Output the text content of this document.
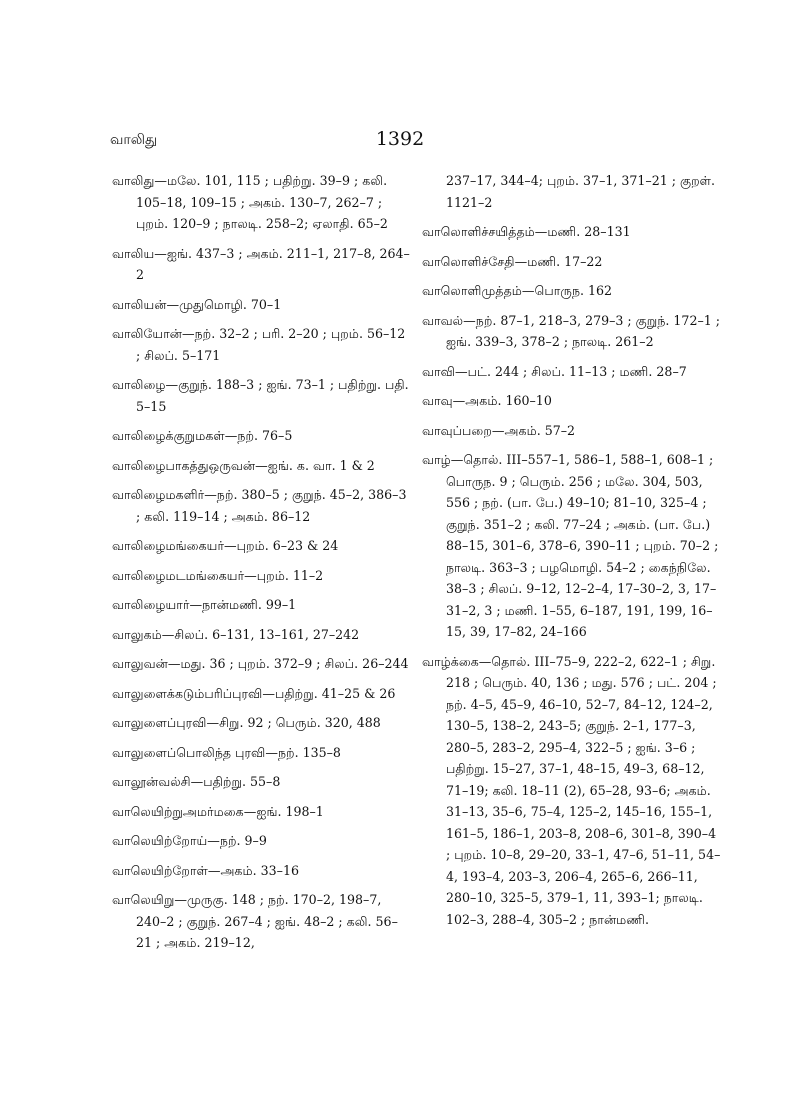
வாலிது	1392
வாலிது—மலே. 101, 115 ; பதிற்று. 39–9 ; கலி. 105–18, 109–15 ; அகம். 130–7, 262–7 ; புறம். 120–9 ; நாலடி. 258–2; ஏலாதி. 65–2
வாலிய—ஐங். 437–3 ; அகம். 211–1, 217–8, 264–2
வாலியன்—முதுமொழி. 70–1
வாலியோன்—நற். 32–2 ; பரி. 2–20 ; புறம். 56–12 ; சிலப். 5–171
வாலிழை—குறுந். 188–3 ; ஐங். 73–1 ; பதிற்று. பதி. 5–15
வாலிழைக்குறுமகள்—நற். 76–5
வாலிழைபாகத்துஒருவன்—ஐங். க. வா. 1 & 2
வாலிழைமகளிர்—நற். 380–5 ; குறுந். 45–2, 386–3 ; கலி. 119–14 ; அகம். 86–12
வாலிழைமங்கையர்—புறம். 6–23 & 24
வாலிழைமடமங்கையர்—புறம். 11–2
வாலிழையார்—நான்மணி. 99–1
வாலுகம்—சிலப். 6–131, 13–161, 27–242
வாலுவன்—மது. 36 ; புறம். 372–9 ; சிலப். 26–244
வாலுளைக்கடும்பரிப்புரவி—பதிற்று. 41–25 & 26
வாலுளைப்புரவி—சிறு. 92 ; பெரும். 320, 488
வாலுளைப்பொலிந்த புரவி—நற். 135–8
வாலூன்வல்சி—பதிற்று. 55–8
வாலெயிற்றுஅமர்மகை—ஐங். 198–1
வாலெயிற்றோய்—நற். 9–9
வாலெயிற்றோள்—அகம். 33–16
வாலெயிறு—முருகு. 148 ; நற். 170–2, 198–7, 240–2 ; குறுந். 267–4 ; ஐங். 48–2 ; கலி. 56–21 ; அகம். 219–12,
237–17, 344–4; புறம். 37–1, 371–21 ; குறள். 1121–2
வாலொளிச்சயித்தம்—மணி. 28–131
வாலொளிச்சேதி—மணி. 17–22
வாலொளிமுத்தம்—பொருந. 162
வாவல்—நற். 87–1, 218–3, 279–3 ; குறுந். 172–1 ; ஐங். 339–3, 378–2 ; நாலடி. 261–2
வாவி—பட். 244 ; சிலப். 11–13 ; மணி. 28–7
வாவு—அகம். 160–10
வாவுப்பறை—அகம். 57–2
வாழ்—தொல். III–557–1, 586–1, 588–1, 608–1 ; பொருந. 9 ; பெரும். 256 ; மலே. 304, 503, 556 ; நற். (பா. பே.) 49–10; 81–10, 325–4 ; குறுந். 351–2 ; கலி. 77–24 ; அகம். (பா. பே.) 88–15, 301–6, 378–6, 390–11 ; புறம். 70–2 ; நாலடி. 363–3 ; பழமொழி. 54–2 ; கைந்நிலே. 38–3 ; சிலப். 9–12, 12–2–4, 17–30–2, 3, 17–31–2, 3 ; மணி. 1–55, 6–187, 191, 199, 16–15, 39, 17–82, 24–166
வாழ்க்கை—தொல். III–75–9, 222–2, 622–1 ; சிறு. 218 ; பெரும். 40, 136 ; மது. 576 ; பட். 204 ; நற். 4–5, 45–9, 46–10, 52–7, 84–12, 124–2, 130–5, 138–2, 243–5; குறுந். 2–1, 177–3, 280–5, 283–2, 295–4, 322–5 ; ஐங். 3–6 ; பதிற்று. 15–27, 37–1, 48–15, 49–3, 68–12, 71–19; கலி. 18–11 (2), 65–28, 93–6; அகம். 31–13, 35–6, 75–4, 125–2, 145–16, 155–1, 161–5, 186–1, 203–8, 208–6, 301–8, 390–4 ; புறம். 10–8, 29–20, 33–1, 47–6, 51–11, 54–4, 193–4, 203–3, 206–4, 265–6, 266–11, 280–10, 325–5, 379–1, 11, 393–1; நாலடி. 102–3, 288–4, 305–2 ; நான்மணி.
